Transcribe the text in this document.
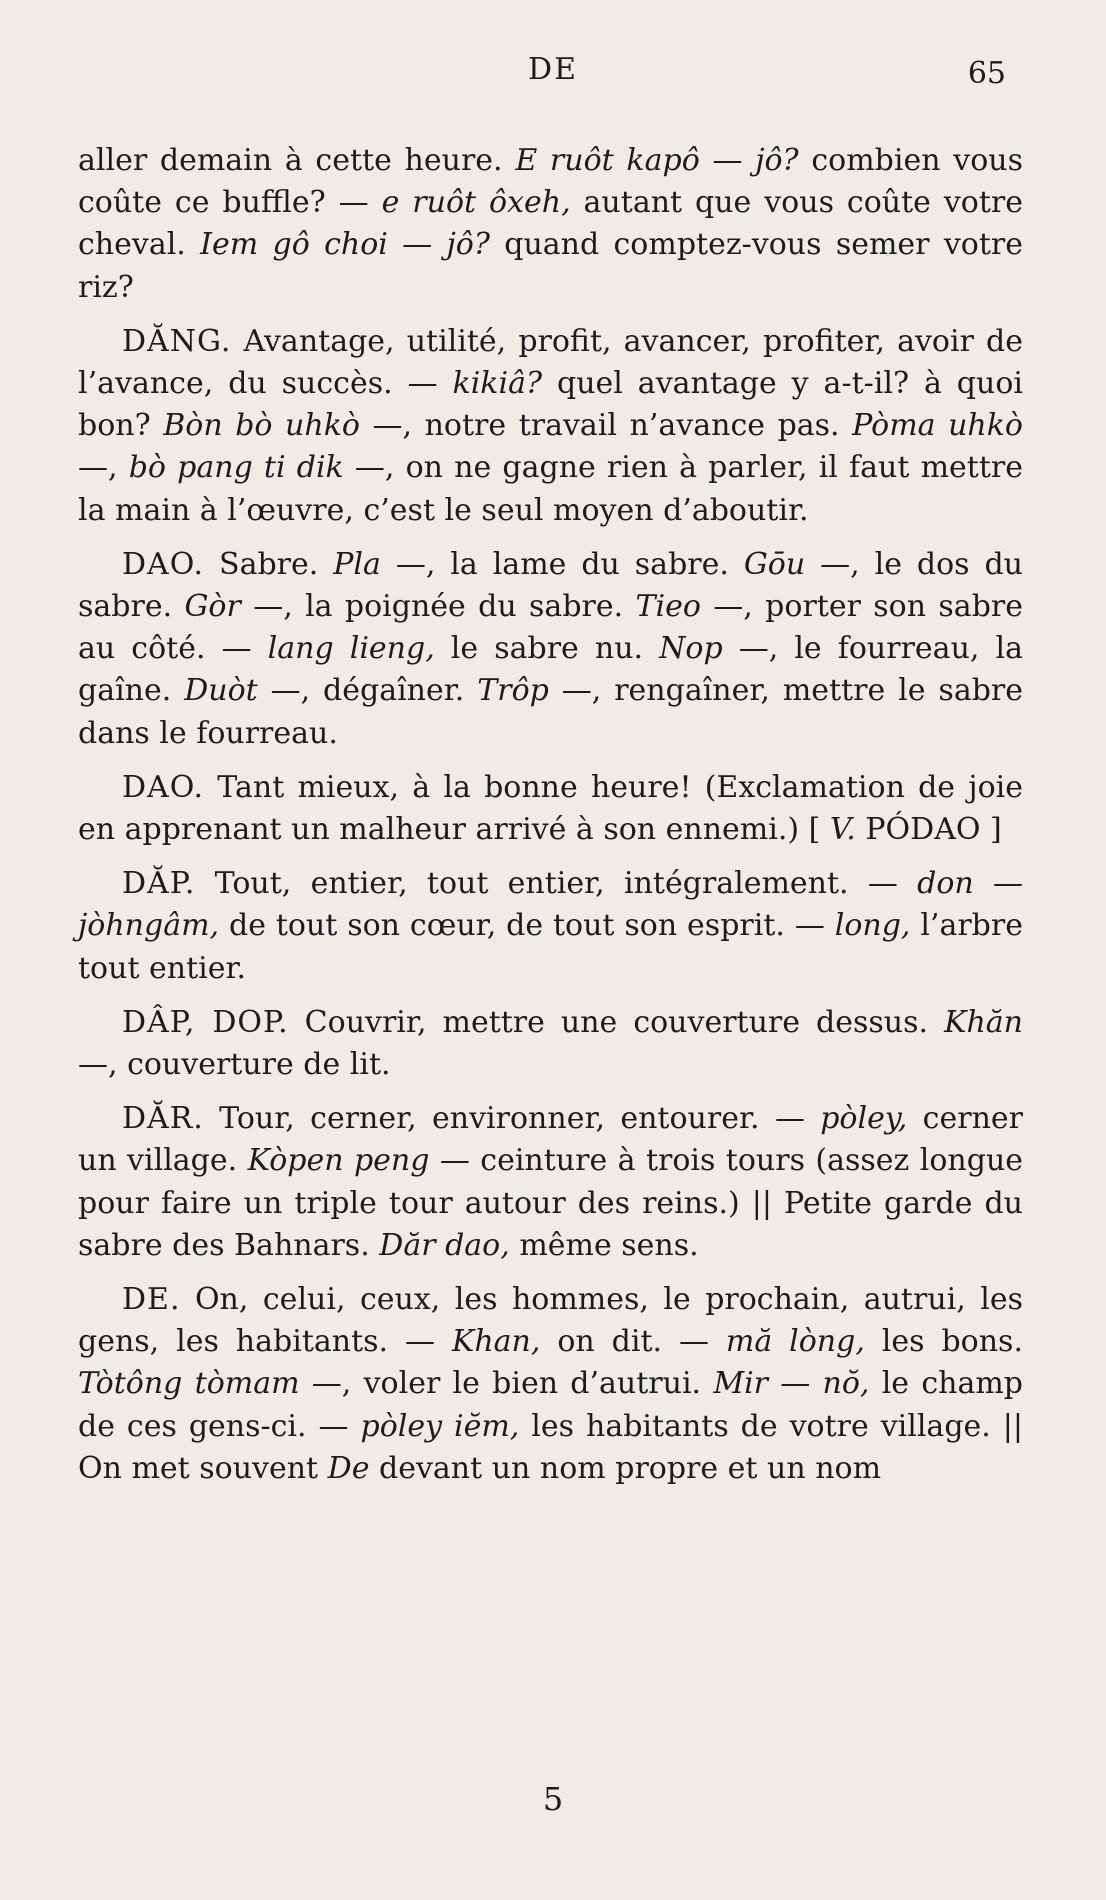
DE	65

aller demain à cette heure. E ruôt kapô — jô? combien vous coûte ce buffle? — e ruôt ôxeh, autant que vous coûte votre cheval. Iem gô choi — jô? quand comptez-vous semer votre riz?

DĂNG. Avantage, utilité, profit, avancer, profiter, avoir de l’avance, du succès. — kikiâ? quel avantage y a-t-il? à quoi bon? Bòn bò uhkò —, notre travail n’avance pas. Pòma uhkò —, bò pang ti dik —, on ne gagne rien à parler, il faut mettre la main à l’œuvre, c’est le seul moyen d’aboutir.

DAO. Sabre. Pla —, la lame du sabre. Gōu —, le dos du sabre. Gòr —, la poignée du sabre. Tieo —, porter son sabre au côté. — lang lieng, le sabre nu. Nop —, le fourreau, la gaîne. Duòt —, dégaîner. Trôp —, rengaîner, mettre le sabre dans le fourreau.

DAO. Tant mieux, à la bonne heure! (Exclamation de joie en apprenant un malheur arrivé à son ennemi.) [ V. PÓDAO ]

DĂP. Tout, entier, tout entier, intégralement. — don — jòhngâm, de tout son cœur, de tout son esprit. — long, l’arbre tout entier.

DÂP, DOP. Couvrir, mettre une couverture dessus. Khăn —, couverture de lit.

DĂR. Tour, cerner, environner, entourer. — pòley, cerner un village. Kòpen peng — ceinture à trois tours (assez longue pour faire un triple tour autour des reins.) || Petite garde du sabre des Bahnars. Dăr dao, même sens.

DE. On, celui, ceux, les hommes, le prochain, autrui, les gens, les habitants. — Khan, on dit. — mă lòng, les bons. Tòtông tòmam —, voler le bien d’autrui. Mir — nŏ, le champ de ces gens-ci. — pòley iĕm, les habitants de votre village. || On met souvent De devant un nom propre et un nom

5
